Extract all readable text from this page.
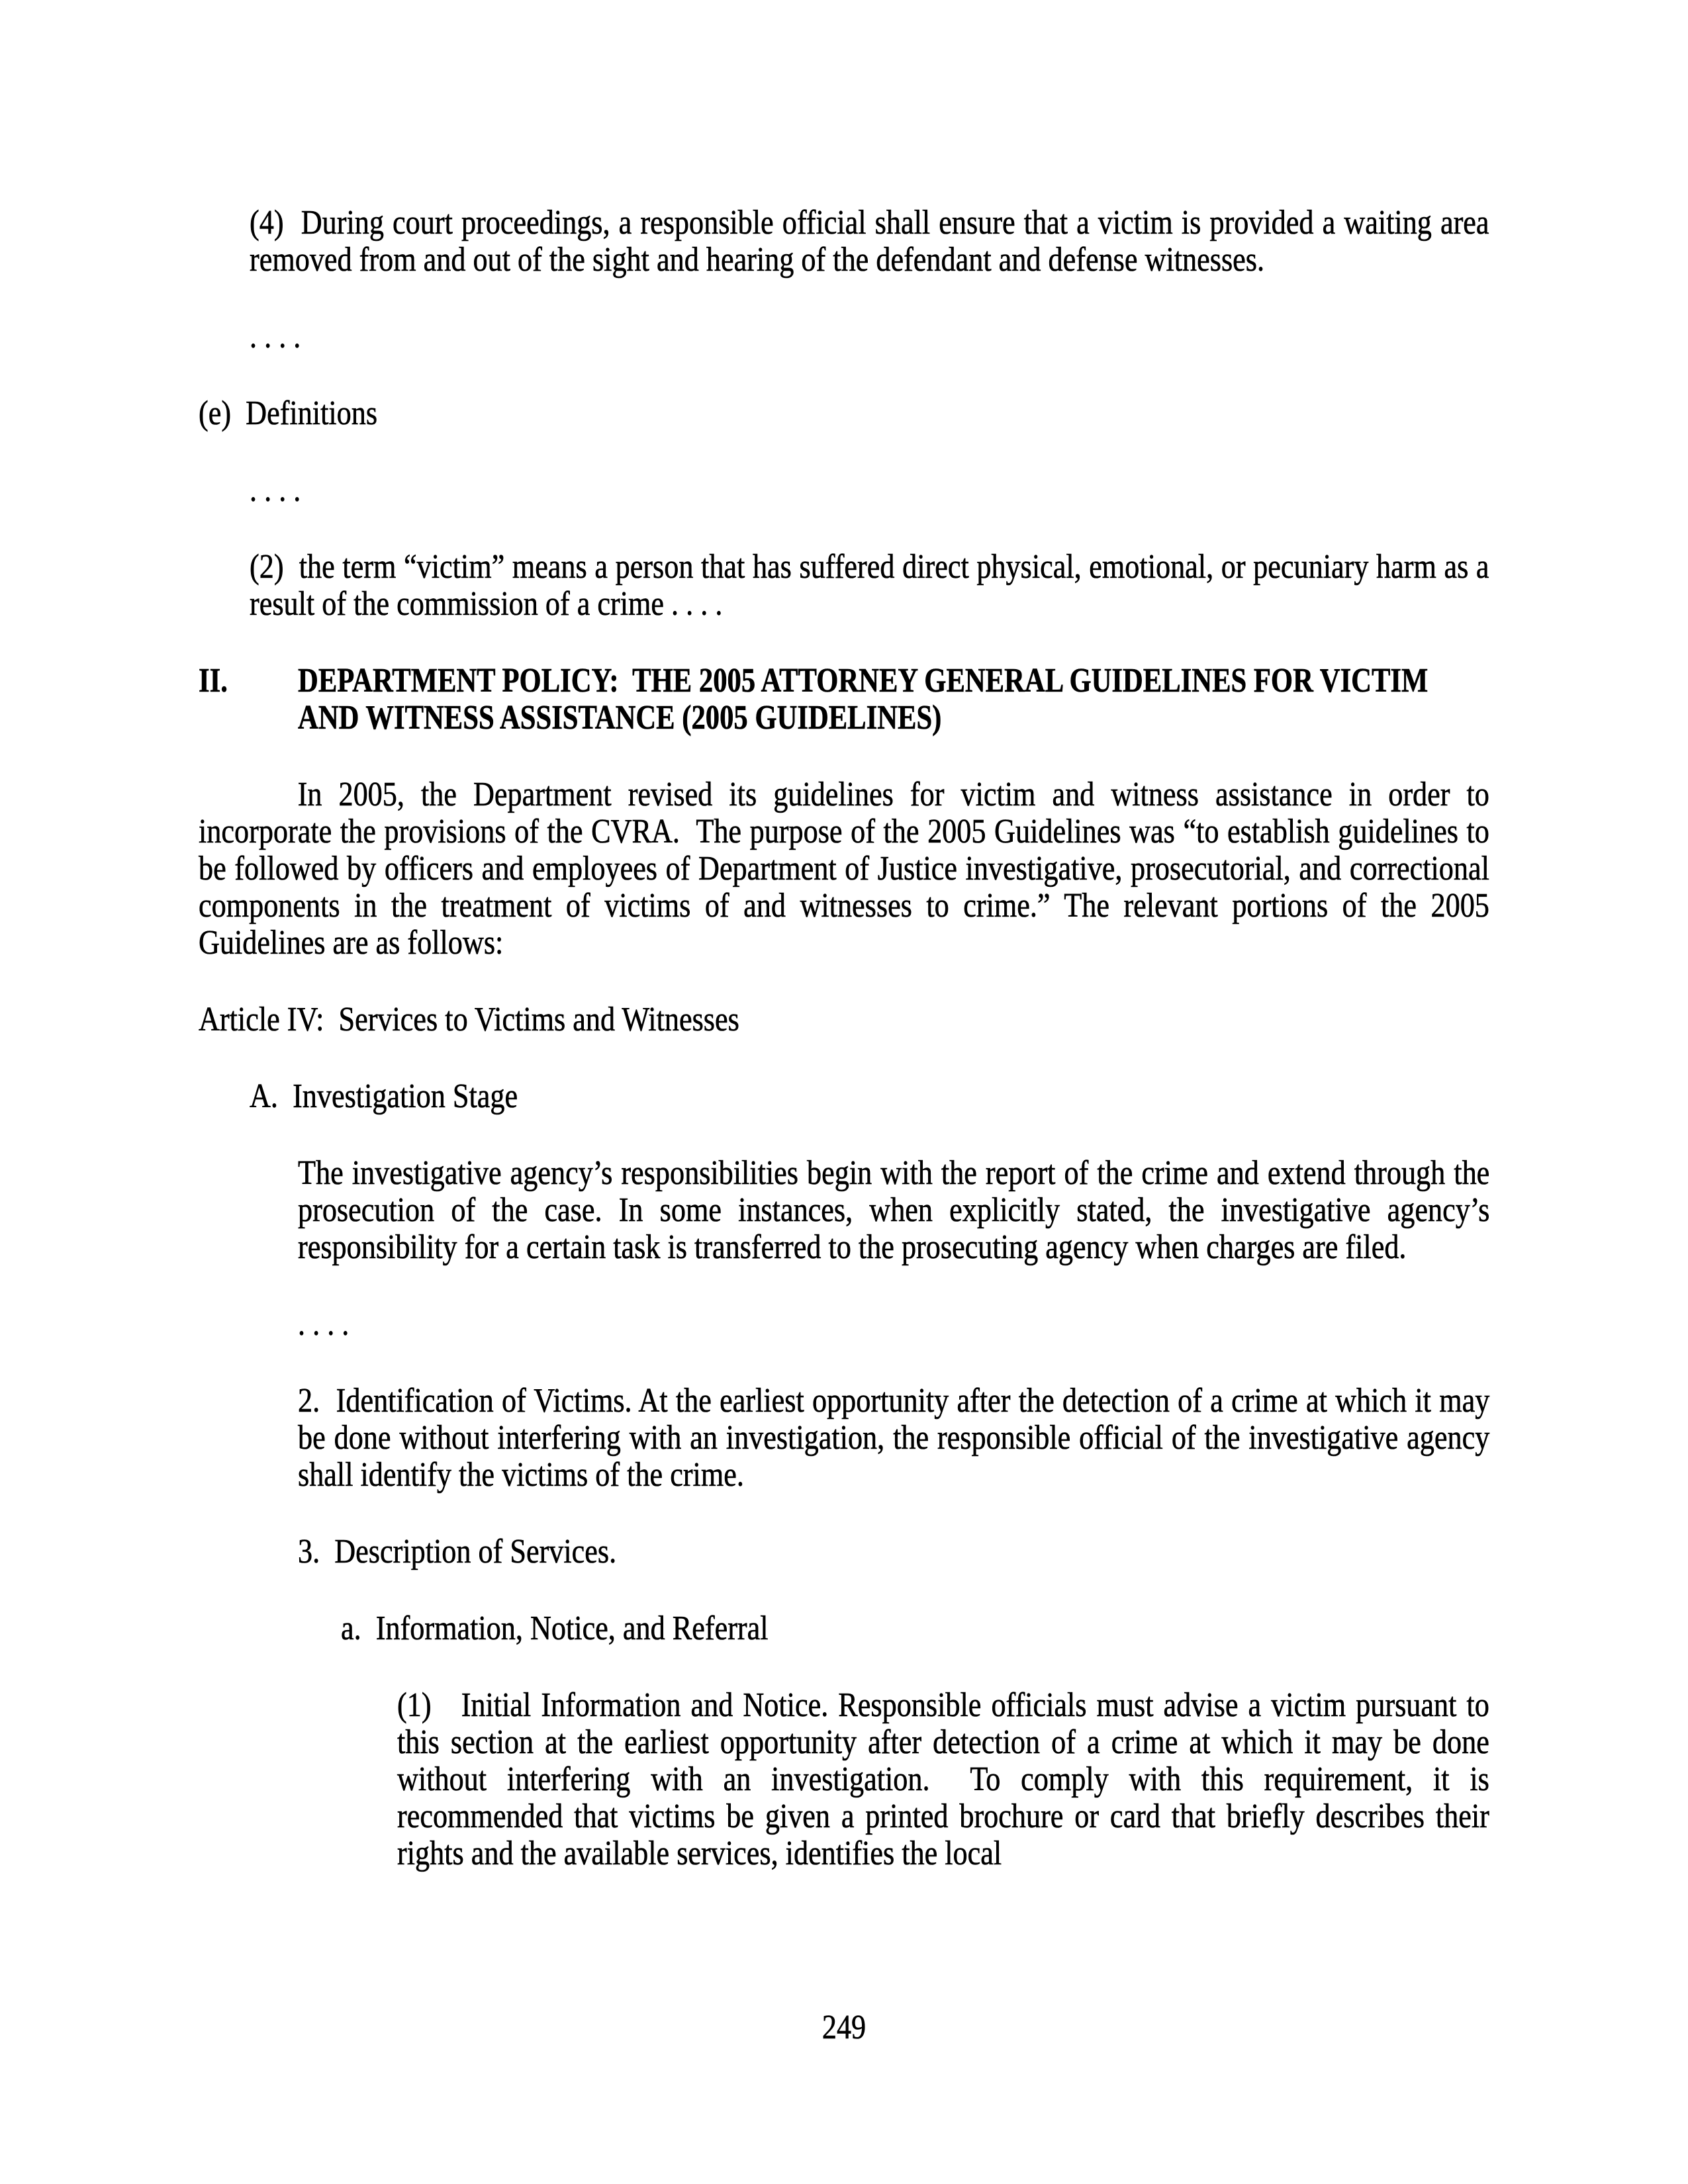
(4)  During court proceedings, a responsible official shall ensure that a victim is provided a waiting area removed from and out of the sight and hearing of the defendant and defense witnesses.
. . . .
(e)  Definitions
. . . .
(2)  the term “victim” means a person that has suffered direct physical, emotional, or pecuniary harm as a result of the commission of a crime . . . .
II.	DEPARTMENT POLICY:  THE 2005 ATTORNEY GENERAL GUIDELINES FOR VICTIM AND WITNESS ASSISTANCE (2005 GUIDELINES)
In 2005, the Department revised its guidelines for victim and witness assistance in order to incorporate the provisions of the CVRA.  The purpose of the 2005 Guidelines was “to establish guidelines to be followed by officers and employees of Department of Justice investigative, prosecutorial, and correctional components in the treatment of victims of and witnesses to crime.” The relevant portions of the 2005 Guidelines are as follows:
Article IV:  Services to Victims and Witnesses
A.  Investigation Stage
The investigative agency’s responsibilities begin with the report of the crime and extend through the prosecution of the case. In some instances, when explicitly stated, the investigative agency’s responsibility for a certain task is transferred to the prosecuting agency when charges are filed.
. . . .
2.  Identification of Victims. At the earliest opportunity after the detection of a crime at which it may be done without interfering with an investigation, the responsible official of the investigative agency shall identify the victims of the crime.
3.  Description of Services.
a.  Information, Notice, and Referral
(1)   Initial Information and Notice. Responsible officials must advise a victim pursuant to this section at the earliest opportunity after detection of a crime at which it may be done without interfering with an investigation.  To comply with this requirement, it is recommended that victims be given a printed brochure or card that briefly describes their rights and the available services, identifies the local
249
